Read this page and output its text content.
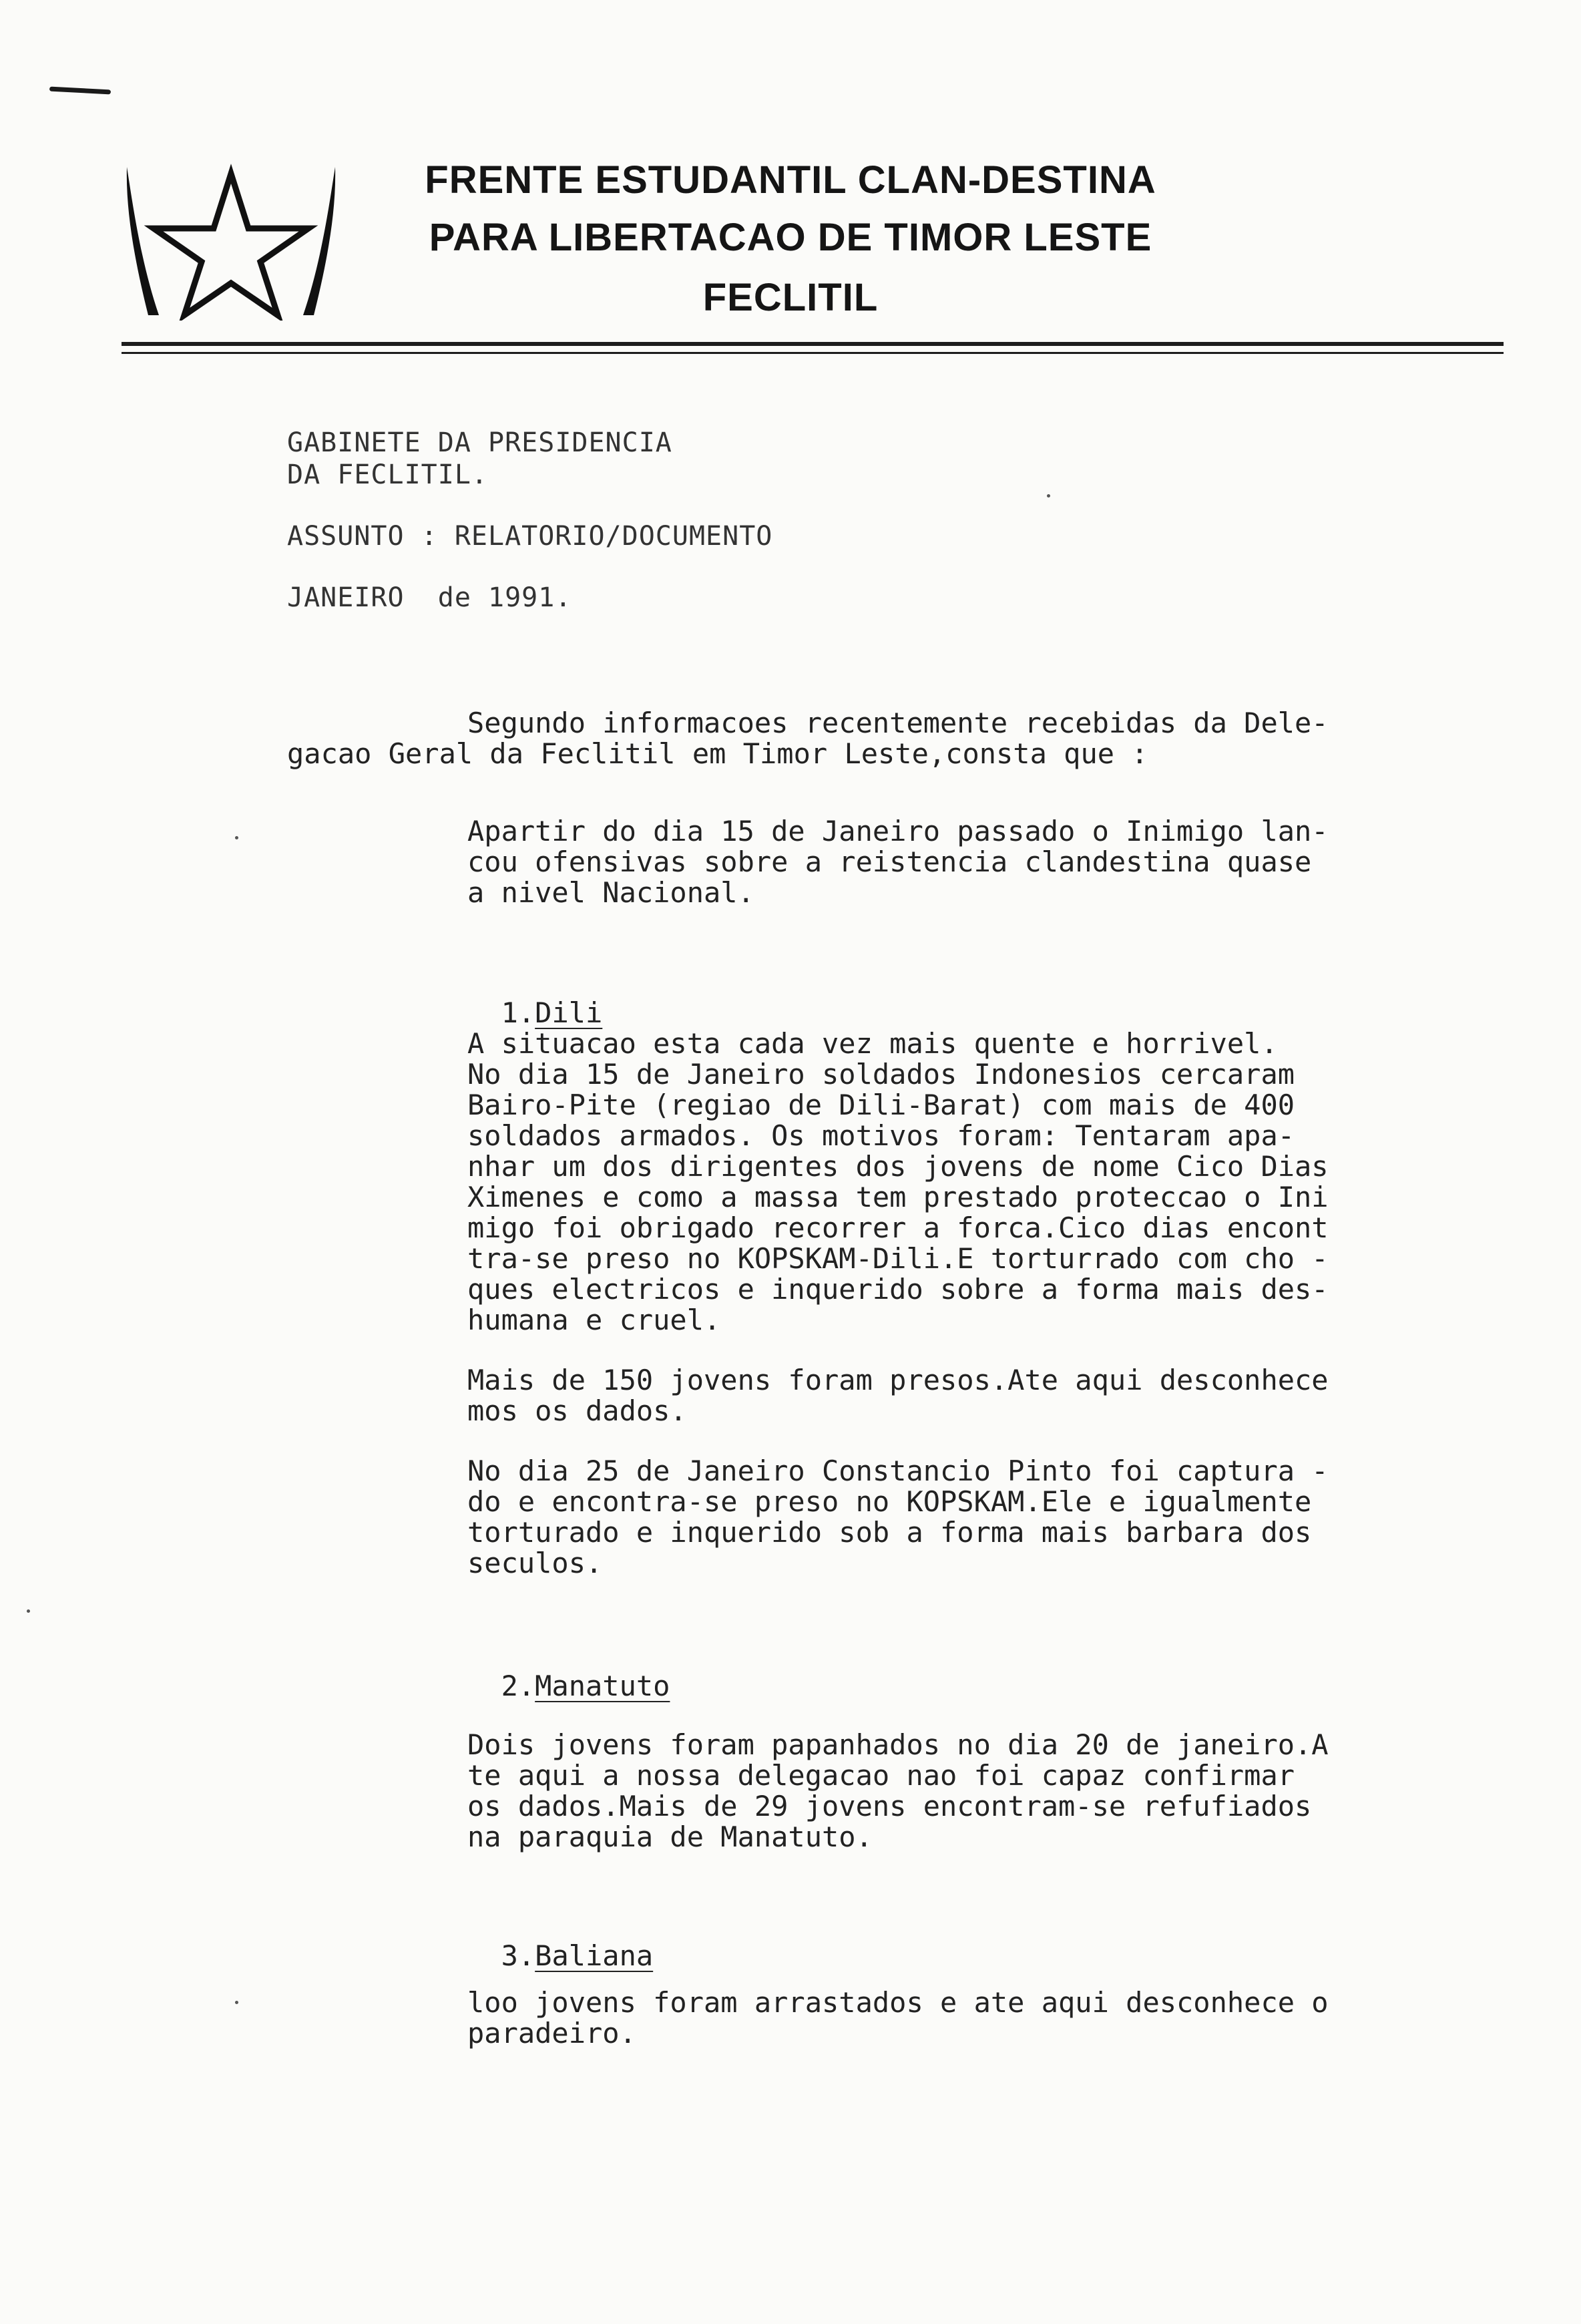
FRENTE ESTUDANTIL CLAN-DESTINA
PARA LIBERTACAO DE TIMOR LESTE
FECLITIL
GABINETE DA PRESIDENCIA
DA FECLITIL.
ASSUNTO : RELATORIO/DOCUMENTO
JANEIRO  de 1991.
Segundo informacoes recentemente recebidas da Dele-
gacao Geral da Feclitil em Timor Leste,consta que :
Apartir do dia 15 de Janeiro passado o Inimigo lan-
cou ofensivas sobre a reistencia clandestina quase
a nivel Nacional.

1.Dili

A situacao esta cada vez mais quente e horrivel.
No dia 15 de Janeiro soldados Indonesios cercaram
Bairo-Pite (regiao de Dili-Barat) com mais de 400
soldados armados. Os motivos foram: Tentaram apa-
nhar um dos dirigentes dos jovens de nome Cico Dias
Ximenes e como a massa tem prestado proteccao o Ini
migo foi obrigado recorrer a forca.Cico dias encont
tra-se preso no KOPSKAM-Dili.E torturrado com cho -
ques electricos e inquerido sobre a forma mais des-
humana e cruel.
Mais de 150 jovens foram presos.Ate aqui desconhece
mos os dados.
No dia 25 de Janeiro Constancio Pinto foi captura -
do e encontra-se preso no KOPSKAM.Ele e igualmente
torturado e inquerido sob a forma mais barbara dos
seculos.

2.Manatuto

Dois jovens foram papanhados no dia 20 de janeiro.A
te aqui a nossa delegacao nao foi capaz confirmar
os dados.Mais de 29 jovens encontram-se refufiados
na paraquia de Manatuto.

3.Baliana

loo jovens foram arrastados e ate aqui desconhece o
paradeiro.
